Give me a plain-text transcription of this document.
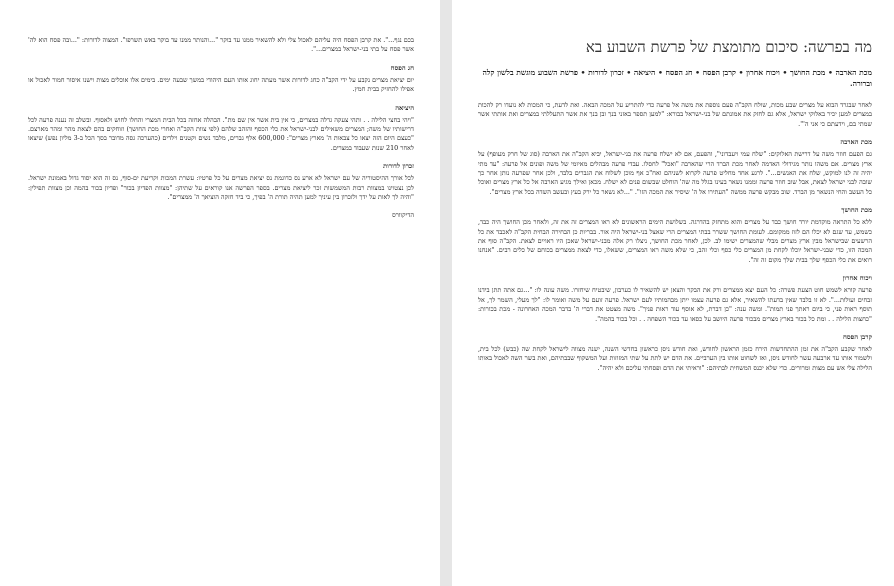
בכם נגף...". את קרבן הפסח היה עליהם לאכול צלי ולא להשאיר ממנו עד בוקר "...והנותר ממנו עד בוקר באש תשרפו". המצוה לדורות: "...ובה פסח הוא לה' אשר פסח על בתי בני-ישראל במצרים...".

חג הפסח

יום יציאת מצרים נקבע על ידי הקב"ה כחג לדורות אשר מעתה יחוג אותו העם היהודי במשך שבעה ימים. בימים אלו אוכלים מצות וישנו איסור חמור לאכול או אפילו להחזיק בבית חמץ.

היציאה

"ויהי בחצי הלילה . . ותהי צעקה גדלה במצרים, כי אין בית אשר אין שם מת". הבהלה אחזה בכל הבית המצרי והחלו לחוש ולאסוף. ובשלב זה נענה פרעה לכל דרישותיו של משה; המצרים משאילים לבני-ישראל את כלי הכסף והזהב שלהם (לפי צוות הקב"ה ואחרי מכת החושך) וזוחקים בהם לצאת מהר ומהר מארצם. "כעצם היום הזה יצאו כל צבאות ה' מארץ מצרים": 600,000 אלף גברים, מלבד נשים וקטנים וילדים (כהערכה גסה מדובר בסך הכל ב-3 מליון נפש) שיצאו לאחר 210 שנות שעבוד במצרים.

זכרון לדורות

לכל אורך ההיסטוריה של עם ישראל לא ארע נס כדוגמת נס יציאת מצרים על כל פרטיו: עשרת המכות וקריעת ים-סוף, נס זה הוא יסוד גדול באמונת ישראל. לכן נצטוינו במצוות רבות המשמשות זכר ליציאת מצרים. בספר הפרשה אנו קוראים על שתיהן: "מצוות הפדיון בכור" ופדיון בכור בהמה וכן מצוות תפילין: "והיה לך לאות על ידך ולזכרון בין עיניך למען תהיה תורת ה' בפיך, כי ביד חזקה הוציאך ה' ממצרים".

הדיקוורס

מה בפרשה: סיכום מתומצת של פרשת השבוע בא
מכת הארבה • מכת החושך • ויכוח אחרון • קרבן הפסח • חג הפסח • היציאה • זכרון לדורות • פרשת השבוע מוגשת בלשון קלה וברורה.

לאחר שבגרד הבוא על מצרים שבע מכות, שולח הקב"ה פעם נוספת את משה אל פרעה כדי להתריע על המכה הבאה. ואת לדעת, כי המכות לא נועדו רק להכות במצרים למען יכיר באלוקי ישראל, אלא גם לחזק את אמונתם של בני-ישראל בבורא: "למען תספר באזני בנך ובן בנך את אשר התעללתי במצרים ואת אותתי אשר שמתי בם, וידעתם כי אני ה'".

מכת הארבה

גם הפעם חוזר משה על דרישת האלוקים: "שלח עמי ויעבדוני", והפעם, אם לא ישלח פרעה את בני-ישראל, יביא הקב"ה את הארבה (סוג של חרק מעופף) על ארץ מצרים. אם משהו נותר מגידולי האדמה לאחר מכת הברד הרי שהארבה "ואכל" לחסלו. עבדי פרעה מבהלים מאיומי של משה ופונים אל פרעה: "עד מתי יהיה זה לנו למוקש, שלח את האנשים...". לרגע אחד מחליט פרעה לקרוא לשניהם ואח"כ אף מוכן לשלוח את הגברים בלבד, ולכן אחר שפרעה נותן אחר כך שובה לבני ישראל לצאת, אבל שוב חוזר פרעה וממנו נשאר בעינו בגלל מה שה' הוחלט שבשום פנים לא ישלח. מכאן ואילך מגיע הארבה אל כל ארץ מצרים ואוכל כל העשב והחי הנשאר מן הברד. שוב מבקש פרעה ממשה "העתירו אל ה' שיסיר את המכה הזו". "...לא נשאר כל ירק בעץ ובעשב השדה בכל ארץ מצרים".

מכת החושך

ללא כל התראה מוקדמת יורד חושך כבד על מצרים והוא מתחזק בהדרגה. בשלושת הימים הראשונים לא ראו המצרים זה את זה, ולאחר מכן החושך היה כבד, כשמש, עד שגם לא יכלו הם לזוז ממקומם. לעומת החושך ששרר בבתי המצרים הרי שאצל בני-ישראל היה אור. בבריות כן הבחירה הבחית הקב"ה לאכבד את כל הרשעים שבישראל מבין ארץ מצרים מבלי שהמצרים ישימו לב. לכן, לאחר מכת החושך, ניצלו רק אלה מבני-ישראל שאכן היו ראויים לצאת. הקב"ה סוף את המכה הזו, כדי שבני-ישראל יוכלו לקחת מן המצרים כלי כסף וכלי זהב, כי שלא משה ראו המצרים, ששאלו, כדי לצאת ממצרים בכוחם של כלים רבים. "אנחנו רואים את כלי הכסף שלך בבית שלך מקום זה זה".

ויכוח אחרון

פרעה קורא לשמש חוט הצעת פשרה: כל העם יצא ממצרים ורק את הבקר והצאן יש להשאיר לו כערבון, שיבטיח שיחזרו. משה עונה לו: "...גם אתה תתן בידנו זבחים ועולות...". לא זו בלבד שאין בדעתו להשאיר, אלא גם פרעה עצמו ייתן מבהמותיו לעם ישראל. פרעה זועם על משה ואומר לו: "לך מעלי, השמר לך, אל תוסף ראות פני, כי ביום ראתך פני תמות". ומשה ענה: "כן דברת, לא אוסף עוד ראות פניך". משה מצטט את דברי ה' בדבר המכה האחרונה - מכת בכורות: "כחצות הלילה . . ומת כל בכור בארץ מצרים מבכור פרעה היושב על כסאו עד בכור השפחה . . וכל בכור בהמה".

קרבן הפסח

לאחר שקבע הקב"ה את זמן ההתחדשות הירח כזמן הראשון לחודש, ואת חודש ניסן כראשון בחדשי השנה, ישנה מצווה לישראל לקחת שה (כבש) לכל בית, ולשמור אותו עד ארבעה עשר לחודש ניסן, ואז לשחוט אותו בין הערביים. את הדם יש לתת על שתי המזוזות ועל המשקוף שבבתיהם, ואת בשר השה לאכול באותו הלילה צלי אש עם מצות ומרורים. כדי שלא יכנס המשחית לבתיהם: "וראיתי את הדם ופסחתי עליכם ולא יהיה".
